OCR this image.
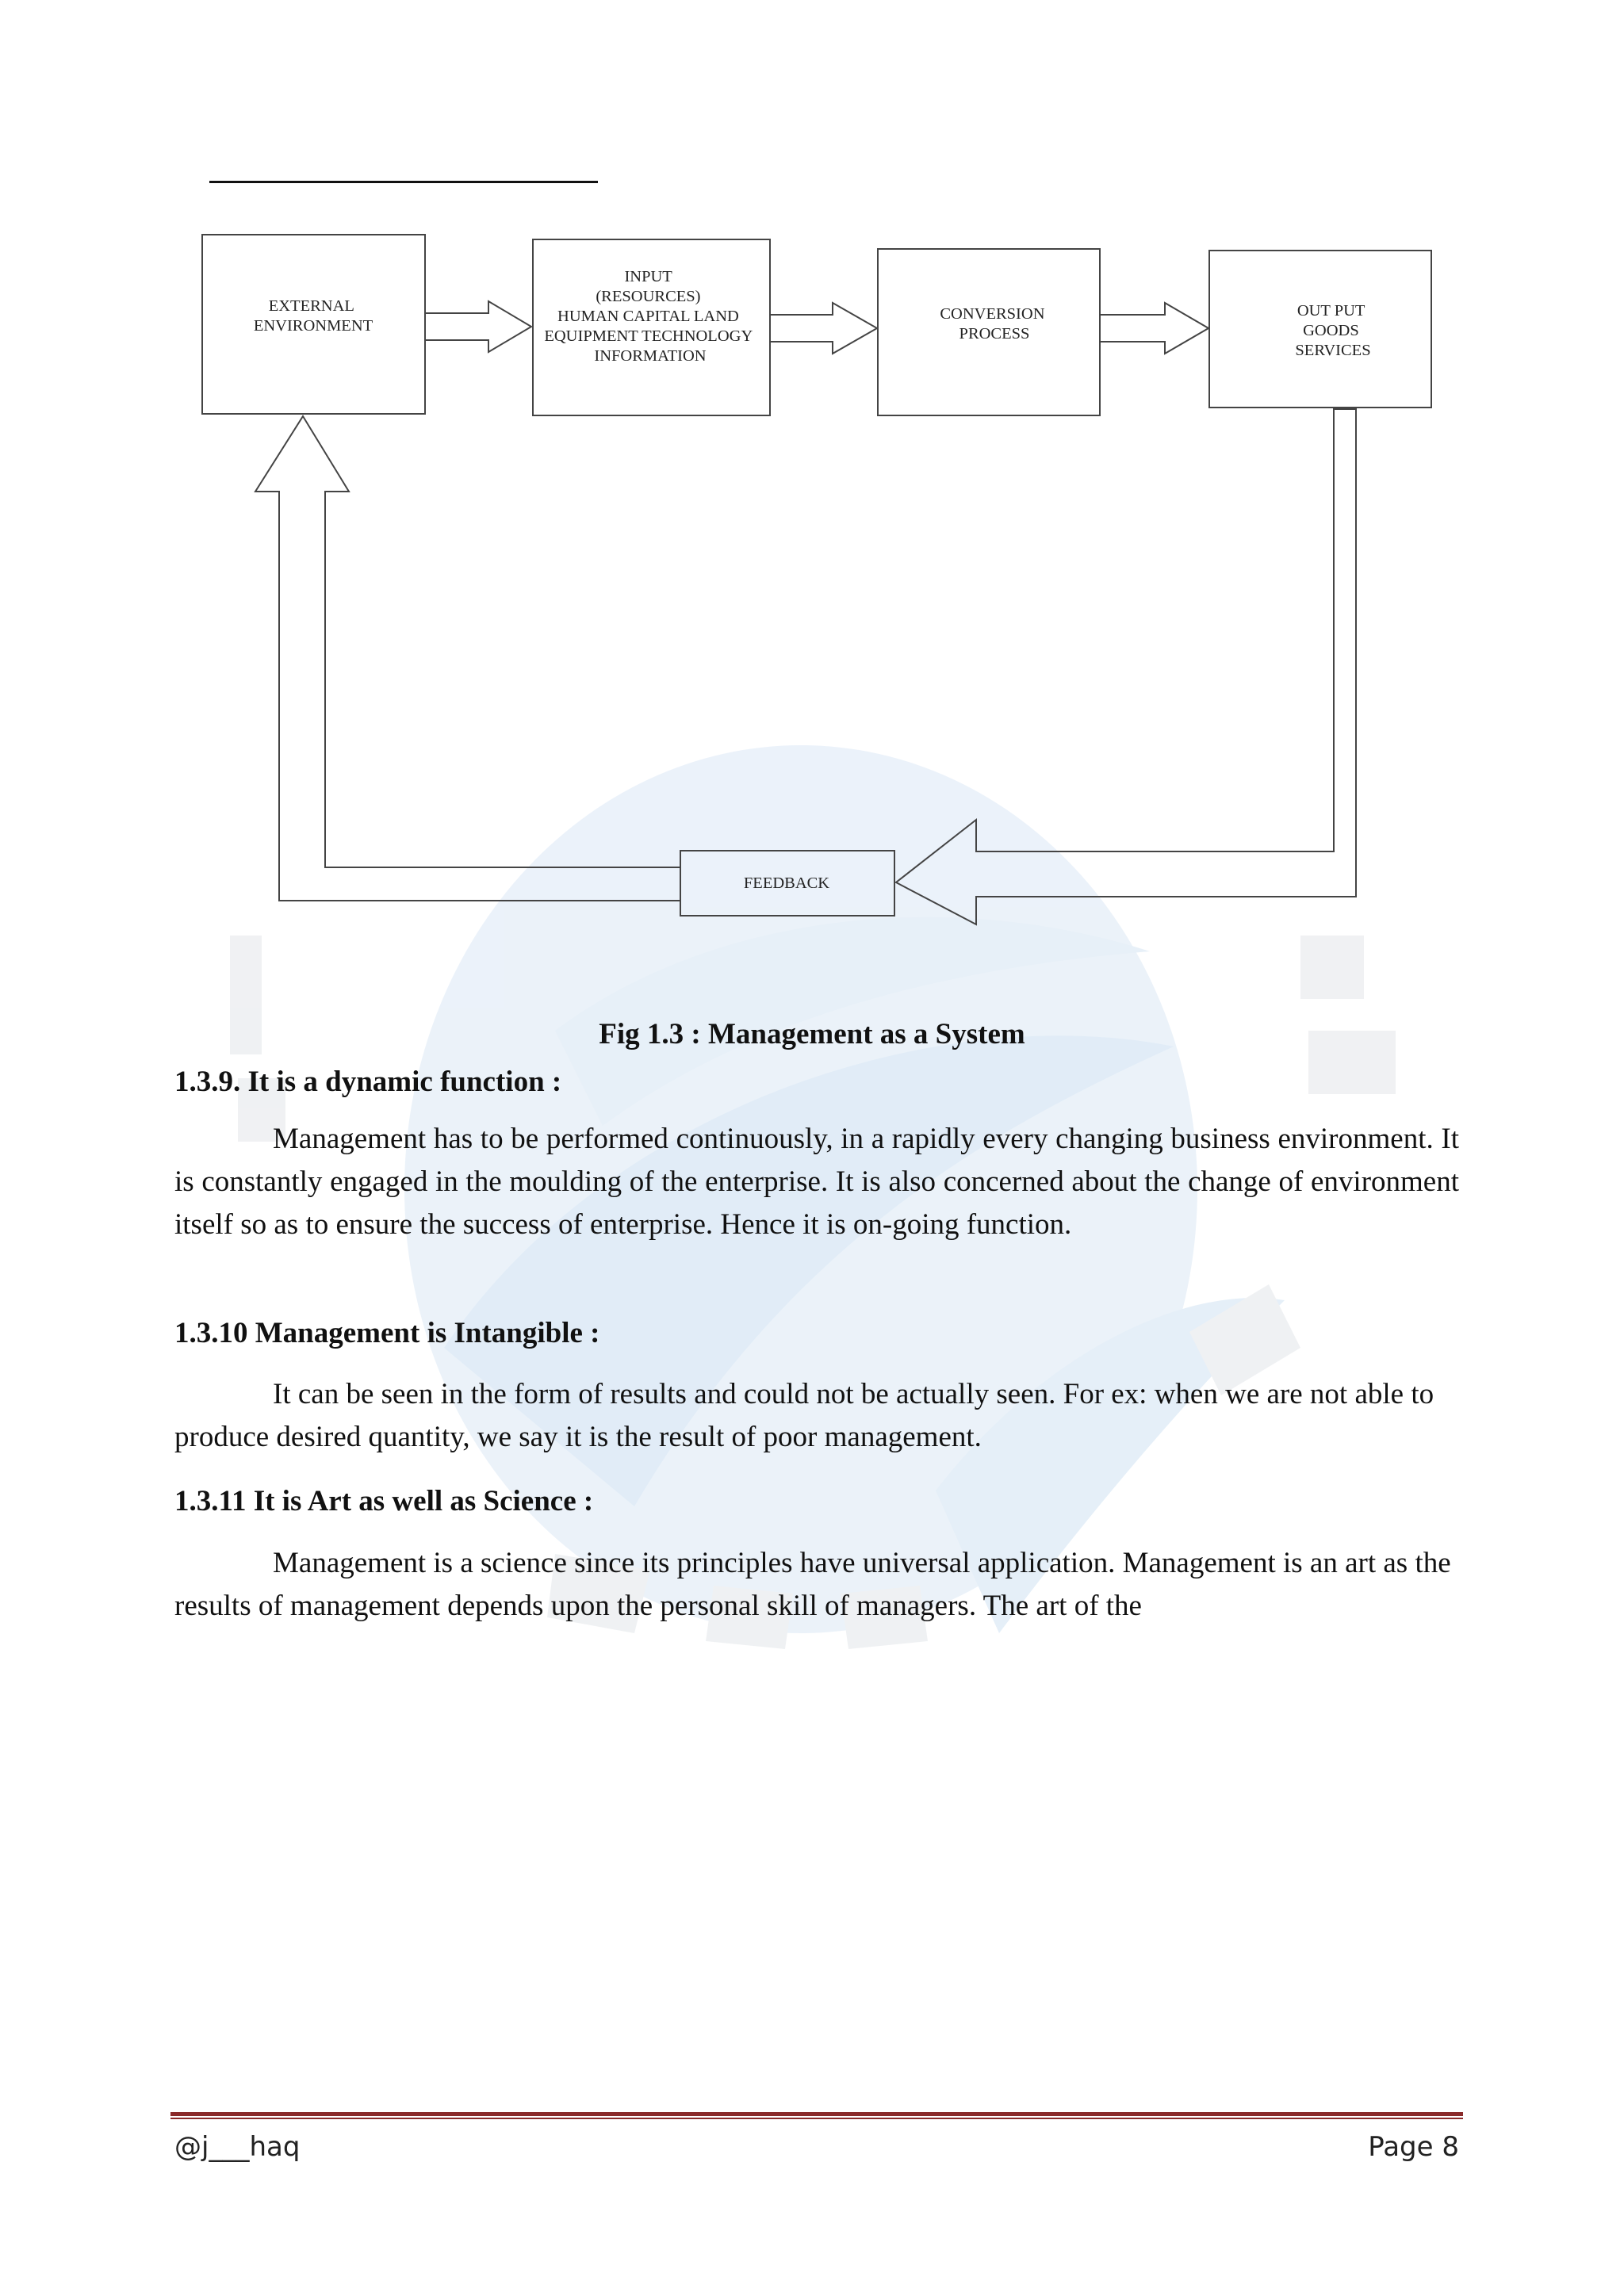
EXTERNAL ENVIRONMENT
INPUT (RESOURCES) HUMAN CAPITAL LAND EQUIPMENT TECHNOLOGY INFORMATION
CONVERSION PROCESS
OUT PUT GOODS SERVICES
FEEDBACK
Fig 1.3 : Management as a System
1.3.9. It is a dynamic function :
Management has to be performed continuously, in a rapidly every changing business environment. It is constantly engaged in the moulding of the enterprise. It is also concerned about the change of environment itself so as to ensure the success of enterprise. Hence it is on-going function.
1.3.10 Management is Intangible :
It can be seen in the form of results and could not be actually seen. For ex: when we are not able to produce desired quantity, we say it is the result of poor management.
1.3.11 It is Art as well as Science :
Management is a science since its principles have universal application. Management is an art as the results of management depends upon the personal skill of managers. The art of the
@j___haq	Page 8
